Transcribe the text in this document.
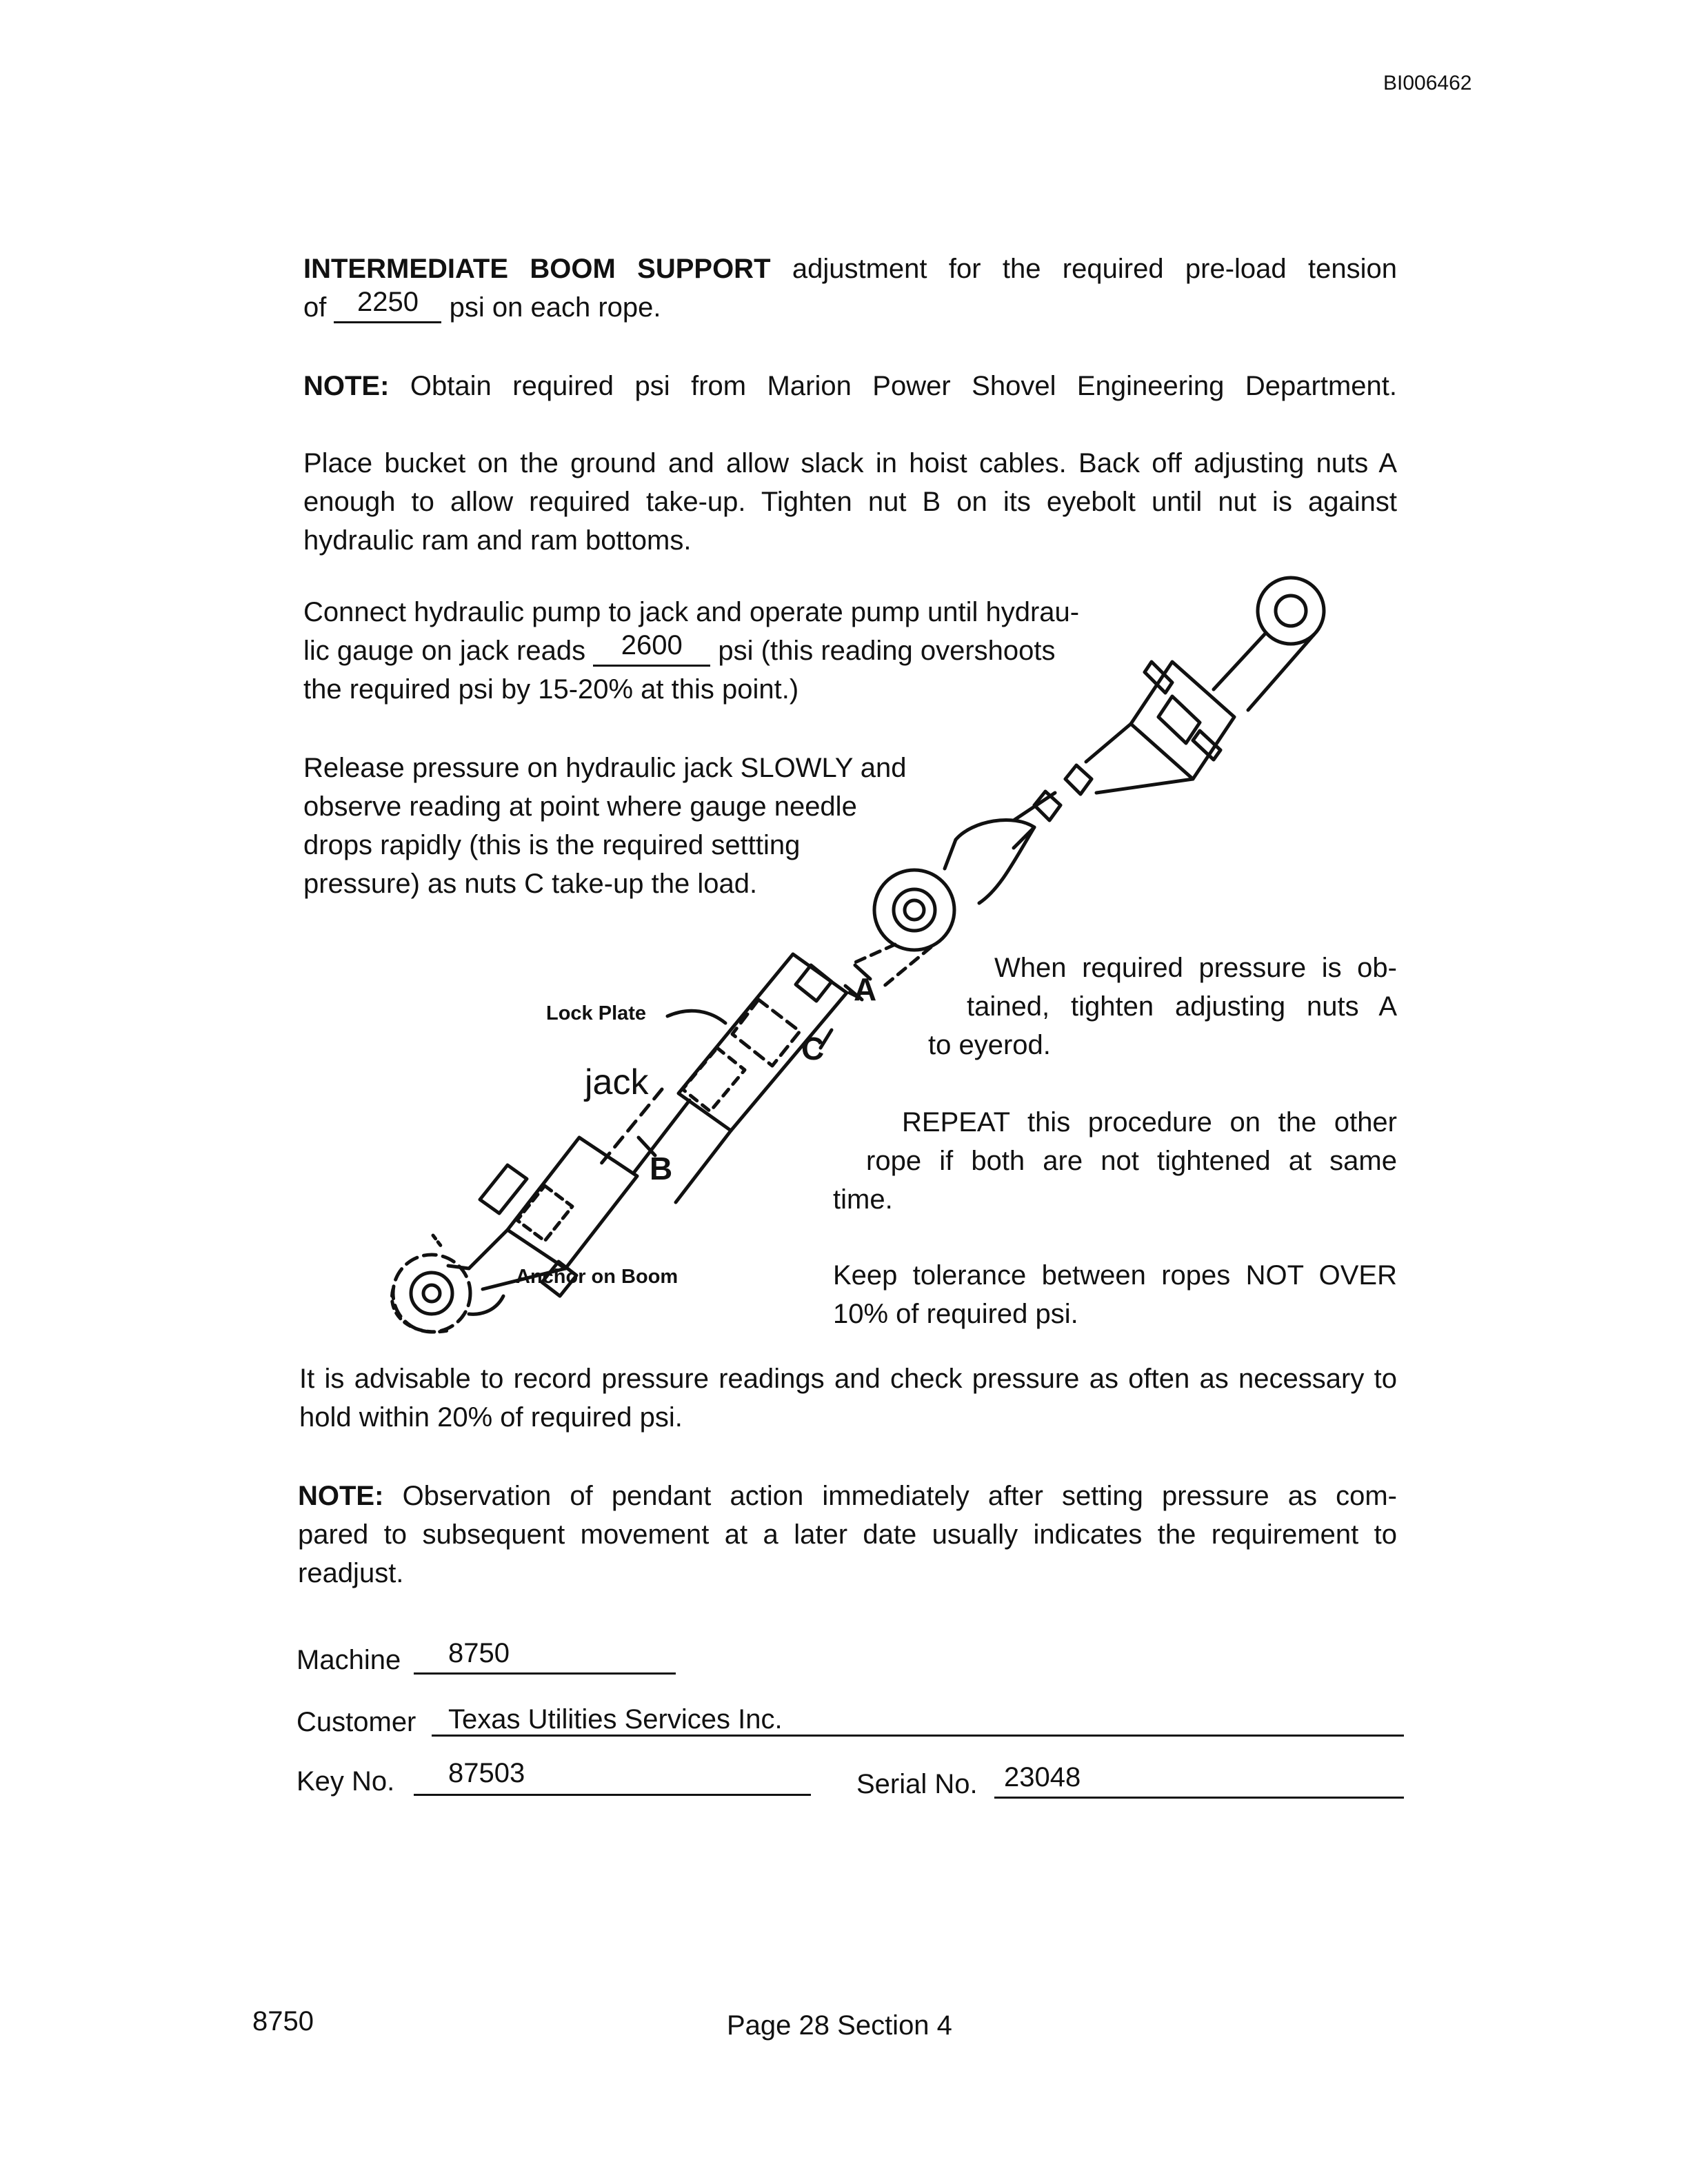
BI006462
INTERMEDIATE BOOM SUPPORT adjustment for the required pre-load tension
of 2250 psi on each rope.
NOTE: Obtain required psi from Marion Power Shovel Engineering Department.
Place bucket on the ground and allow slack in hoist cables. Back off adjusting nuts A
enough to allow required take-up. Tighten nut B on its eyebolt until nut is against
hydraulic ram and ram bottoms.
Connect hydraulic pump to jack and operate pump until hydrau-
lic gauge on jack reads 2600 psi (this reading overshoots
the required psi by 15-20% at this point.)
Release pressure on hydraulic jack SLOWLY and
observe reading at point where gauge needle
drops rapidly (this is the required settting
pressure) as nuts C take-up the load.
When required pressure is ob-
tained, tighten adjusting nuts A
to eyerod.
REPEAT this procedure on the other
rope if both are not tightened at same
time.
Keep tolerance between ropes NOT OVER
10% of required psi.
Lock Plate
jack
Anchor on Boom
A
C
B
It is advisable to record pressure readings and check pressure as often as necessary to
hold within 20% of required psi.
NOTE: Observation of pendant action immediately after setting pressure as com-
pared to subsequent movement at a later date usually indicates the requirement to
readjust.
Machine 8750
Customer Texas Utilities Services Inc.
Key No. 87503	Serial No. 23048
8750	Page 28 Section 4
